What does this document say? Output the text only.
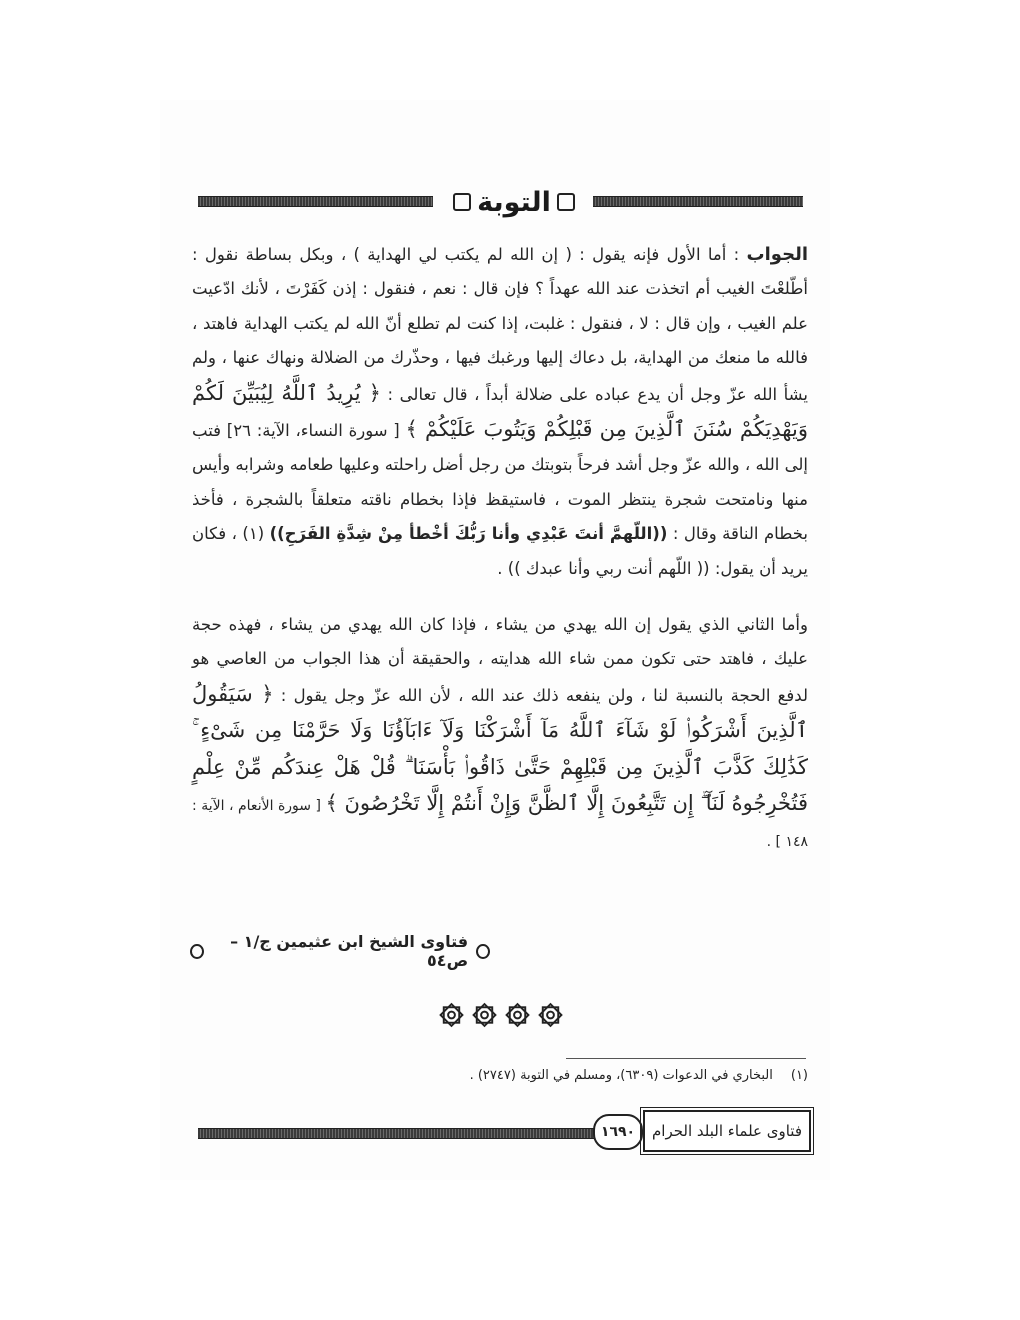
التوبة

الجواب : أما الأول فإنه يقول : ( إن الله لم يكتب لي الهداية ) ، وبكل بساطة نقول : أطّلعْتَ الغيب أم اتخذت عند الله عهداً ؟ فإن قال : نعم ، فنقول : إذن كَفَرْتَ ، لأنك ادّعيت علم الغيب ، وإن قال : لا ، فنقول : غلبت، إذا كنت لم تطلع أنّ الله لم يكتب الهداية فاهتد ، فالله ما منعك من الهداية، بل دعاك إليها ورغبك فيها ، وحذّرك من الضلالة ونهاك عنها ، ولم يشأ الله عزّ وجل أن يدع عباده على ضلالة أبداً ، قال تعالى : ﴿ يُرِيدُ ٱللَّهُ لِيُبَيِّنَ لَكُمْ وَيَهْدِيَكُمْ سُنَنَ ٱلَّذِينَ مِن قَبْلِكُمْ وَيَتُوبَ عَلَيْكُمْ ﴾ [ سورة النساء، الآية: ٢٦] فتب إلى الله ، والله عزّ وجل أشد فرحاً بتوبتك من رجل أضل راحلته وعليها طعامه وشرابه وأيس منها ونامتحت شجرة ينتظر الموت ، فاستيقظ فإذا بخطام ناقته متعلقاً بالشجرة ، فأخذ بخطام الناقة وقال : ((اللّهمَّ أنتَ عَبْدِي وأنا رَبُّكَ أخْطأ مِنْ شِدَّةِ الفَرَحِ)) (١) ، فكان يريد أن يقول: (( اللّهم أنت ربي وأنا عبدك )) .

وأما الثاني الذي يقول إن الله يهدي من يشاء ، فإذا كان الله يهدي من يشاء ، فهذه حجة عليك ، فاهتد حتى تكون ممن شاء الله هدايته ، والحقيقة أن هذا الجواب من العاصي هو لدفع الحجة بالنسبة لنا ، ولن ينفعه ذلك عند الله ، لأن الله عزّ وجل يقول : ﴿ سَيَقُولُ ٱلَّذِينَ أَشْرَكُوا۟ لَوْ شَآءَ ٱللَّهُ مَآ أَشْرَكْنَا وَلَآ ءَابَآؤُنَا وَلَا حَرَّمْنَا مِن شَىْءٍ ۚ كَذَٰلِكَ كَذَّبَ ٱلَّذِينَ مِن قَبْلِهِمْ حَتَّىٰ ذَاقُوا۟ بَأْسَنَا ۗ قُلْ هَلْ عِندَكُم مِّنْ عِلْمٍ فَتُخْرِجُوهُ لَنَآ ۖ إِن تَتَّبِعُونَ إِلَّا ٱلظَّنَّ وَإِنْ أَنتُمْ إِلَّا تَخْرُصُونَ ﴾ [ سورة الأنعام ، الآية : ١٤٨ ] .

فتاوى الشيخ ابن عثيمين ج/١ – ص٥٤
(١)البخاري في الدعوات (٦٣٠٩)، ومسلم في التوبة (٢٧٤٧) .
١٦٩٠	فتاوى علماء البلد الحرام
